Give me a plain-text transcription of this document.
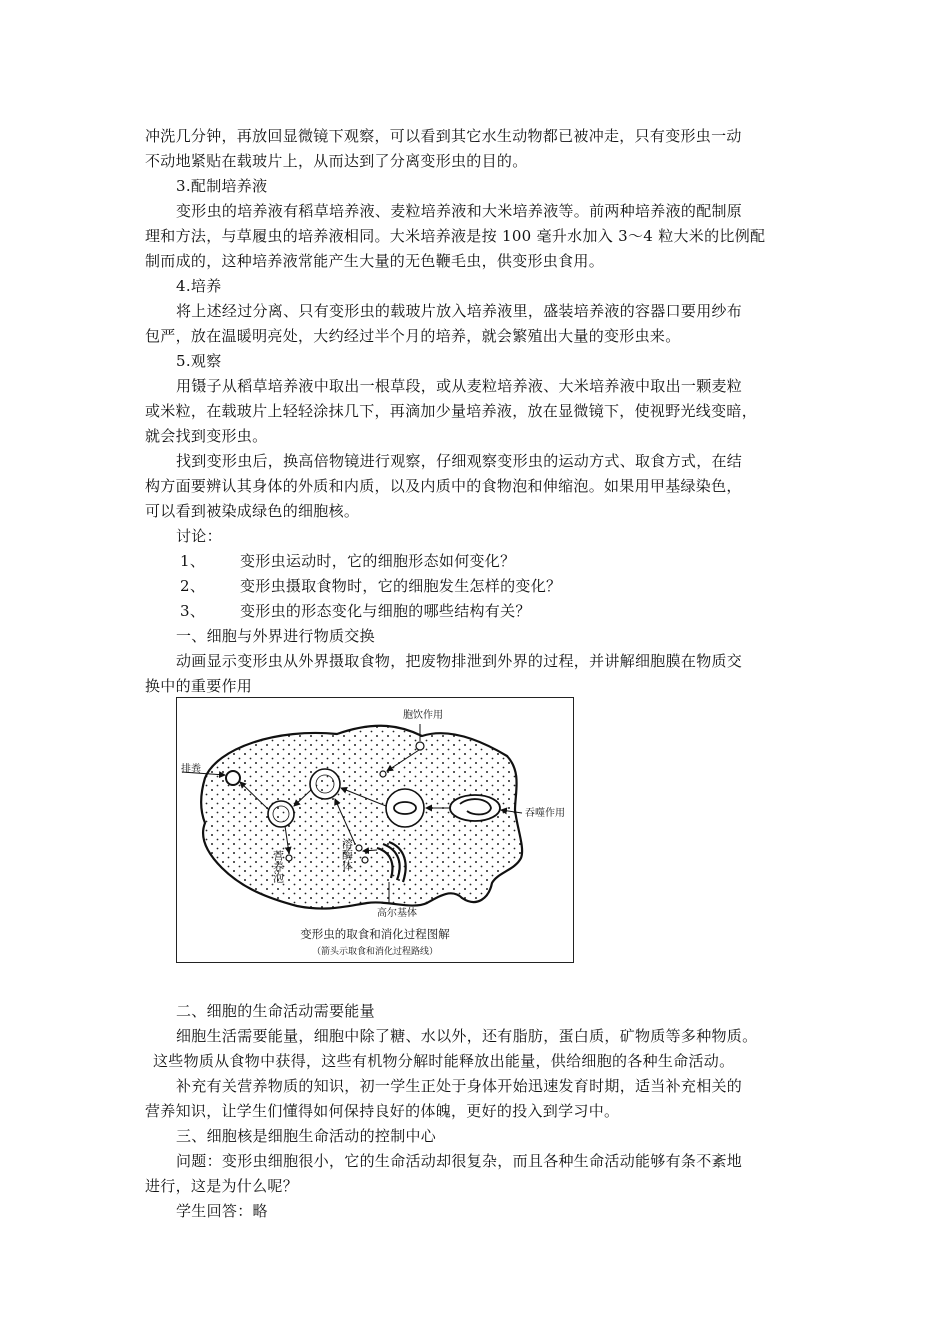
冲洗几分钟，再放回显微镜下观察，可以看到其它水生动物都已被冲走，只有变形虫一动
不动地紧贴在载玻片上，从而达到了分离变形虫的目的。
3.配制培养液
变形虫的培养液有稻草培养液、麦粒培养液和大米培养液等。前两种培养液的配制原
理和方法，与草履虫的培养液相同。大米培养液是按 100 毫升水加入 3～4 粒大米的比例配
制而成的，这种培养液常能产生大量的无色鞭毛虫，供变形虫食用。
4.培养
将上述经过分离、只有变形虫的载玻片放入培养液里，盛装培养液的容器口要用纱布
包严，放在温暖明亮处，大约经过半个月的培养，就会繁殖出大量的变形虫来。
5.观察
用镊子从稻草培养液中取出一根草段，或从麦粒培养液、大米培养液中取出一颗麦粒
或米粒，在载玻片上轻轻涂抹几下，再滴加少量培养液，放在显微镜下，使视野光线变暗，
就会找到变形虫。
找到变形虫后，换高倍物镜进行观察，仔细观察变形虫的运动方式、取食方式，在结
构方面要辨认其身体的外质和内质，以及内质中的食物泡和伸缩泡。如果用甲基绿染色，
可以看到被染成绿色的细胞核。
讨论：
1、 变形虫运动时，它的细胞形态如何变化？
2、 变形虫摄取食物时，它的细胞发生怎样的变化？
3、 变形虫的形态变化与细胞的哪些结构有关？
一、细胞与外界进行物质交换
动画显示变形虫从外界摄取食物，把废物排泄到外界的过程，并讲解细胞膜在物质交
换中的重要作用
胞饮作用
排粪
吞噬作用
高尔基体
营养泡	溶酶体
变形虫的取食和消化过程图解
（箭头示取食和消化过程路线）
二、细胞的生命活动需要能量
细胞生活需要能量，细胞中除了糖、水以外，还有脂肪，蛋白质，矿物质等多种物质。
这些物质从食物中获得，这些有机物分解时能释放出能量，供给细胞的各种生命活动。
补充有关营养物质的知识，初一学生正处于身体开始迅速发育时期，适当补充相关的
营养知识，让学生们懂得如何保持良好的体魄，更好的投入到学习中。
三、细胞核是细胞生命活动的控制中心
问题：变形虫细胞很小，它的生命活动却很复杂，而且各种生命活动能够有条不紊地
进行，这是为什么呢？
学生回答：略
